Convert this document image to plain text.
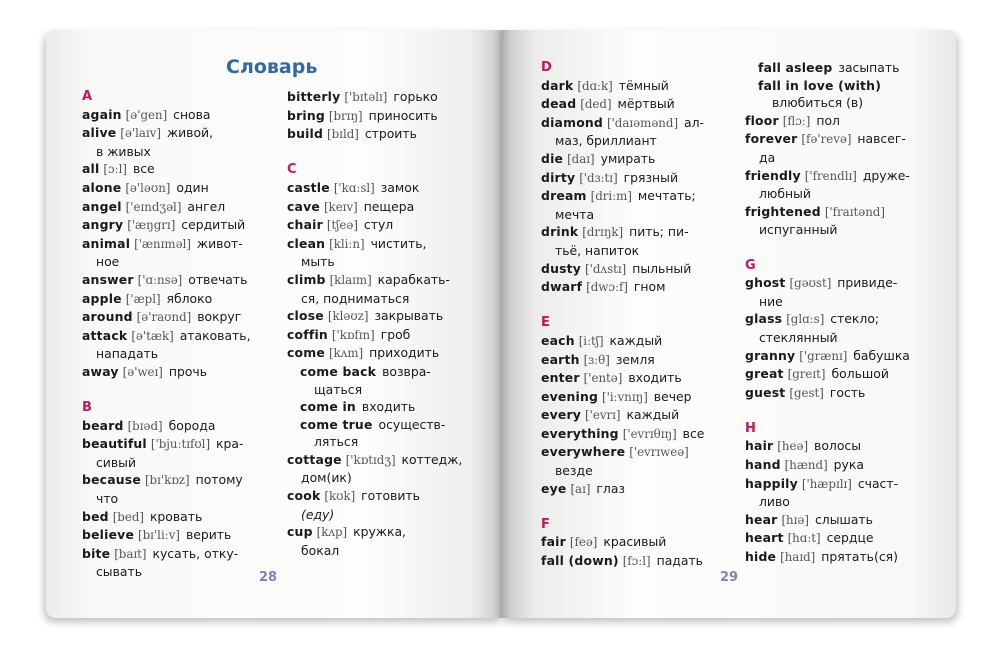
Словарь
A
again [ə'gen] снова
alive [ə'laɪv] живой,
в живых
all [ɔːl] все
alone [ə'ləʊn] один
angel ['eɪndʒəl] ангел
angry ['æŋgrɪ] сердитый
animal ['ænɪməl] живот-
ное
answer ['ɑːnsə] отвечать
apple ['æpl] яблоко
around [ə'raʊnd] вокруг
attack [ə'tæk] атаковать,
нападать
away [ə'weɪ] прочь
B
beard [bɪəd] борода
beautiful ['bjuːtɪfʊl] кра-
сивый
because [bɪ'kɒz] потому
что
bed [bed] кровать
believe [bɪ'liːv] верить
bite [baɪt] кусать, отку-
сывать
bitterly ['bɪtəlɪ] горько
bring [brɪŋ] приносить
build [bɪld] строить
C
castle ['kɑːsl] замок
cave [keɪv] пещера
chair [tʃeə] стул
clean [kliːn] чистить,
мыть
climb [klaɪm] карабкать-
ся, подниматься
close [kləʊz] закрывать
coffin ['kɒfɪn] гроб
come [kʌm] приходить
come back возвра-
щаться
come in входить
come true осуществ-
ляться
cottage ['kɒtɪdʒ] коттедж,
дом(ик)
cook [kʊk] готовить
(еду)
cup [kʌp] кружка,
бокал
D
dark [dɑːk] тёмный
dead [ded] мёртвый
diamond ['daɪəmənd] ал-
маз, бриллиант
die [daɪ] умирать
dirty ['dɜːtɪ] грязный
dream [driːm] мечтать;
мечта
drink [drɪŋk] пить; пи-
тьё, напиток
dusty ['dʌstɪ] пыльный
dwarf [dwɔːf] гном
E
each [iːtʃ] каждый
earth [ɜːθ] земля
enter ['entə] входить
evening ['iːvnɪŋ] вечер
every ['evrɪ] каждый
everything ['evrɪθɪŋ] все
everywhere ['evrɪweə]
везде
eye [aɪ] глаз
F
fair [feə] красивый
fall (down) [fɔːl] падать
fall asleep засыпать
fall in love (with)
влюбиться (в)
floor [flɔː] пол
forever [fə'revə] навсег-
да
friendly ['frendlɪ] друже-
любный
frightened ['fraɪtənd]
испуганный
G
ghost [gəʊst] привиде-
ние
glass [glɑːs] стекло;
стеклянный
granny ['grænɪ] бабушка
great [greɪt] большой
guest [gest] гость
H
hair [heə] волосы
hand [hænd] рука
happily ['hæpɪlɪ] счаст-
ливо
hear [hɪə] слышать
heart [hɑːt] сердце
hide [haɪd] прятать(ся)
28	29
